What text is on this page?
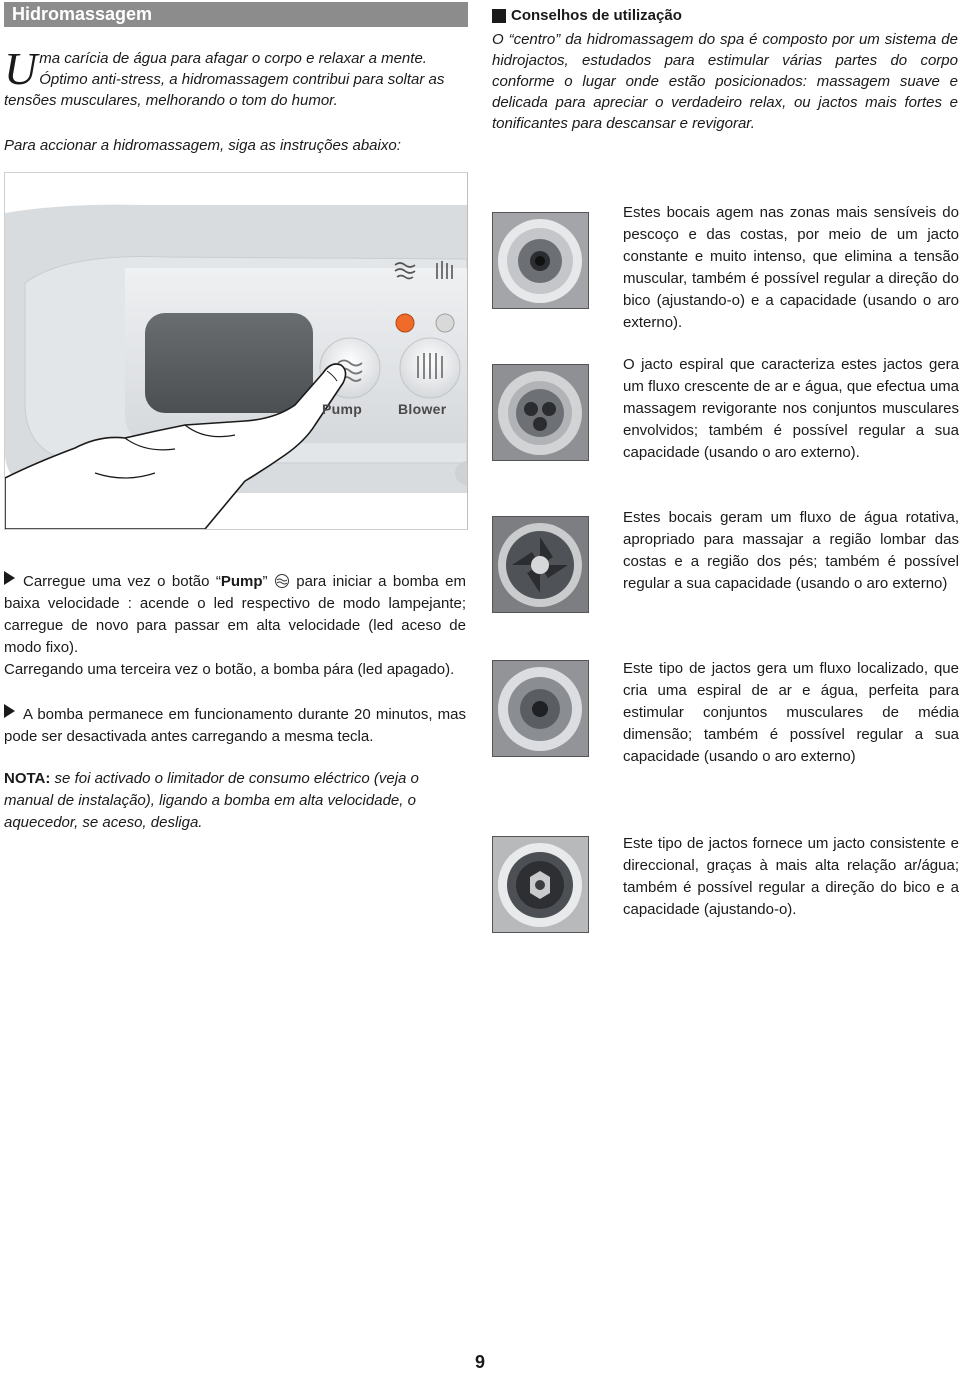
Hidromassagem
Uma carícia de água para afagar o corpo e relaxar a mente. Óptimo anti-stress, a hidromassagem contribui para soltar as tensões musculares, melhorando o tom do humor.
Para accionar a hidromassagem, siga as instruções abaixo:
Conselhos de utilização
O “centro” da hidromassagem do spa é composto por um sistema de hidrojactos, estudados para estimular várias partes do corpo conforme o lugar onde estão posicionados: massagem suave e delicada para apreciar o verdadeiro relax, ou jactos mais fortes e tonificantes para descansar e revigorar.
Pump	Blower
Estes bocais agem nas zonas mais sensíveis do pescoço e das costas, por meio de um jacto constante e muito intenso, que elimina a tensão muscular, também é possível regular a direção do bico (ajustando-o) e a capacidade (usando o aro externo).
O jacto espiral que caracteriza estes jactos gera um fluxo crescente de ar e água, que efectua uma massagem revigorante nos conjuntos musculares envolvidos; também é possível regular a sua capacidade (usando o aro externo).
Estes bocais geram um fluxo de água rotativa, apropriado para massajar a região lombar das costas e a região dos pés; também é possível regular a sua capacidade (usando o aro externo)
Este tipo de jactos gera um fluxo localizado, que cria uma espiral de ar e água, perfeita para estimular conjuntos musculares de média dimensão; também é possível regular a sua capacidade (usando o aro externo)
Este tipo de jactos fornece um jacto consistente e direccional, graças à mais alta relação ar/água; também é possível regular a direção do bico e a capacidade (ajustando-o).
Carregue uma vez o botão “Pump”  para iniciar a bomba em baixa velocidade : acende o led respectivo de modo lampejante; carregue de novo para passar em alta velocidade (led aceso de modo fixo).
Carregando uma terceira vez o botão, a bomba pára (led apagado).
A bomba permanece em funcionamento durante 20 minutos, mas pode ser desactivada antes carregando a mesma tecla.
NOTA: se foi activado o limitador de consumo eléctrico (veja o manual de instalação), ligando a bomba em alta velocidade, o aquecedor, se aceso, desliga.
9
